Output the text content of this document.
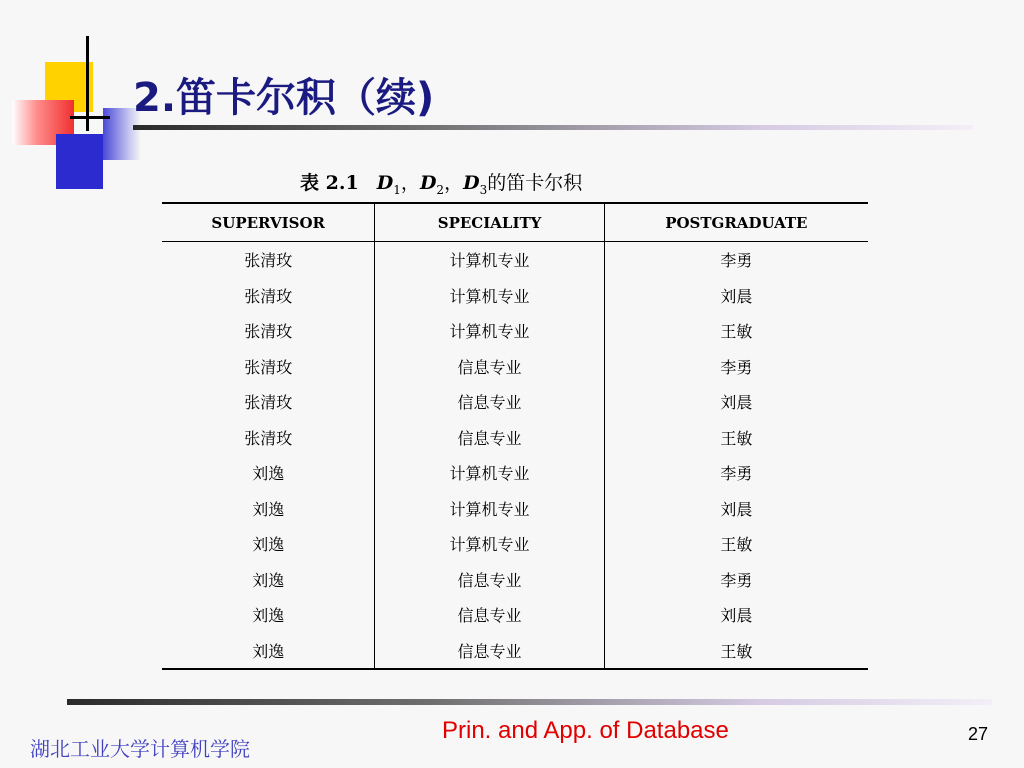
2.笛卡尔积（续)
表 2.1 $D_1$，$D_2$，$D_3$的笛卡尔积
SUPERVISOR	SPECIALITY	POSTGRADUATE
张清玫	计算机专业	李勇
张清玫	计算机专业	刘晨
张清玫	计算机专业	王敏
张清玫	信息专业	李勇
张清玫	信息专业	刘晨
张清玫	信息专业	王敏
刘逸	计算机专业	李勇
刘逸	计算机专业	刘晨
刘逸	计算机专业	王敏
刘逸	信息专业	李勇
刘逸	信息专业	刘晨
刘逸	信息专业	王敏
湖北工业大学计算机学院
Prin. and App. of Database	27
